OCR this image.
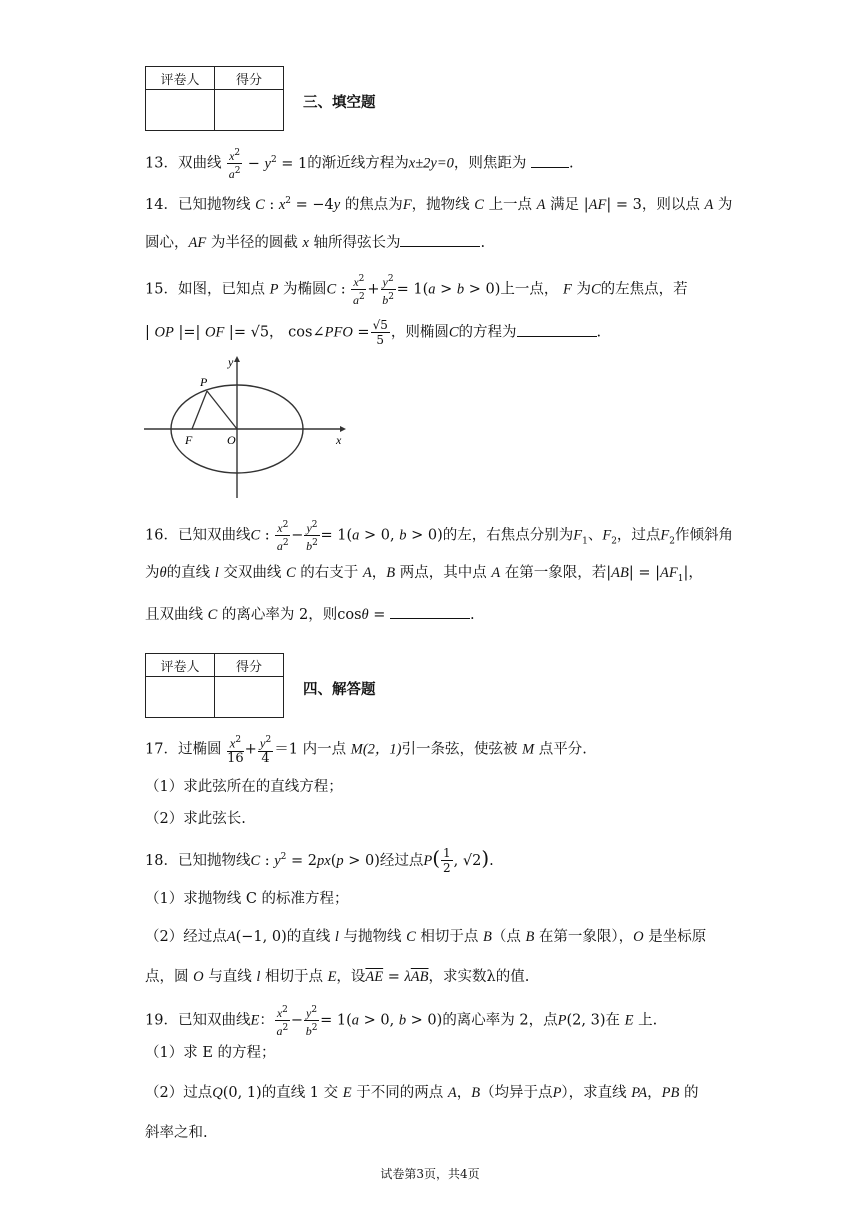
评卷人	得分

三、填空题
13．双曲线 $\frac{x^2}{a^2} - y^2 = 1$的渐近线方程为x±2y=0，则焦距为	.
14．已知抛物线 C : $x^2 = -4y$ 的焦点为F，抛物线 C 上一点 A 满足 |AF| = 3，则以点 A 为
圆心，AF 为半径的圆截 x 轴所得弦长为	.
15．如图，已知点 P 为椭圆C : $\frac{x^2}{a^2} + \frac{y^2}{b^2} = 1(a > b > 0)$上一点， F 为C的左焦点，若
| OP |=| OF |= √5， cos∠PFO = $\frac{√5}{5}$ ，则椭圆C的方程为	.
y
x
P
F	O
16．已知双曲线C : $\frac{x^2}{a^2} - \frac{y^2}{b^2} = 1(a > 0$, b > 0)的左，右焦点分别为$F_1$、$F_2$，过点$F_2$作倾斜角
为θ的直线 l 交双曲线 C 的右支于 A，B 两点，其中点 A 在第一象限，若$|AB| = |AF_1|$，
且双曲线 C 的离心率为 2，则cosθ =	.
评卷人	得分

四、解答题
17．过椭圆 $\frac{x^2}{16} + \frac{y^2}{4} =1$ 内一点 M(2，1)引一条弦，使弦被 M 点平分.
（1）求此弦所在的直线方程；
（2）求此弦长.
18．已知抛物线C : $y^2 = 2px(p > 0)$经过点$P( \frac{1}{2}$ , √2).
（1）求抛物线 C 的标准方程；
（2）经过点A(−1, 0)的直线 l 与抛物线 C 相切于点 B（点 B 在第一象限），O 是坐标原
点，圆 O 与直线 l 相切于点 E，设$\overline{AE} = \lambda\overline{AB}$，求实数λ的值.
19．已知双曲线E： $\frac{x^2}{a^2} - \frac{y^2}{b^2} = 1(a > 0$, b > 0)的离心率为 2，点P(2, 3)在 E 上.
（1）求 E 的方程；
（2）过点Q(0, 1)的直线 1 交 E 于不同的两点 A，B（均异于点P），求直线 PA，PB 的
斜率之和.
试卷第3页，共4页
